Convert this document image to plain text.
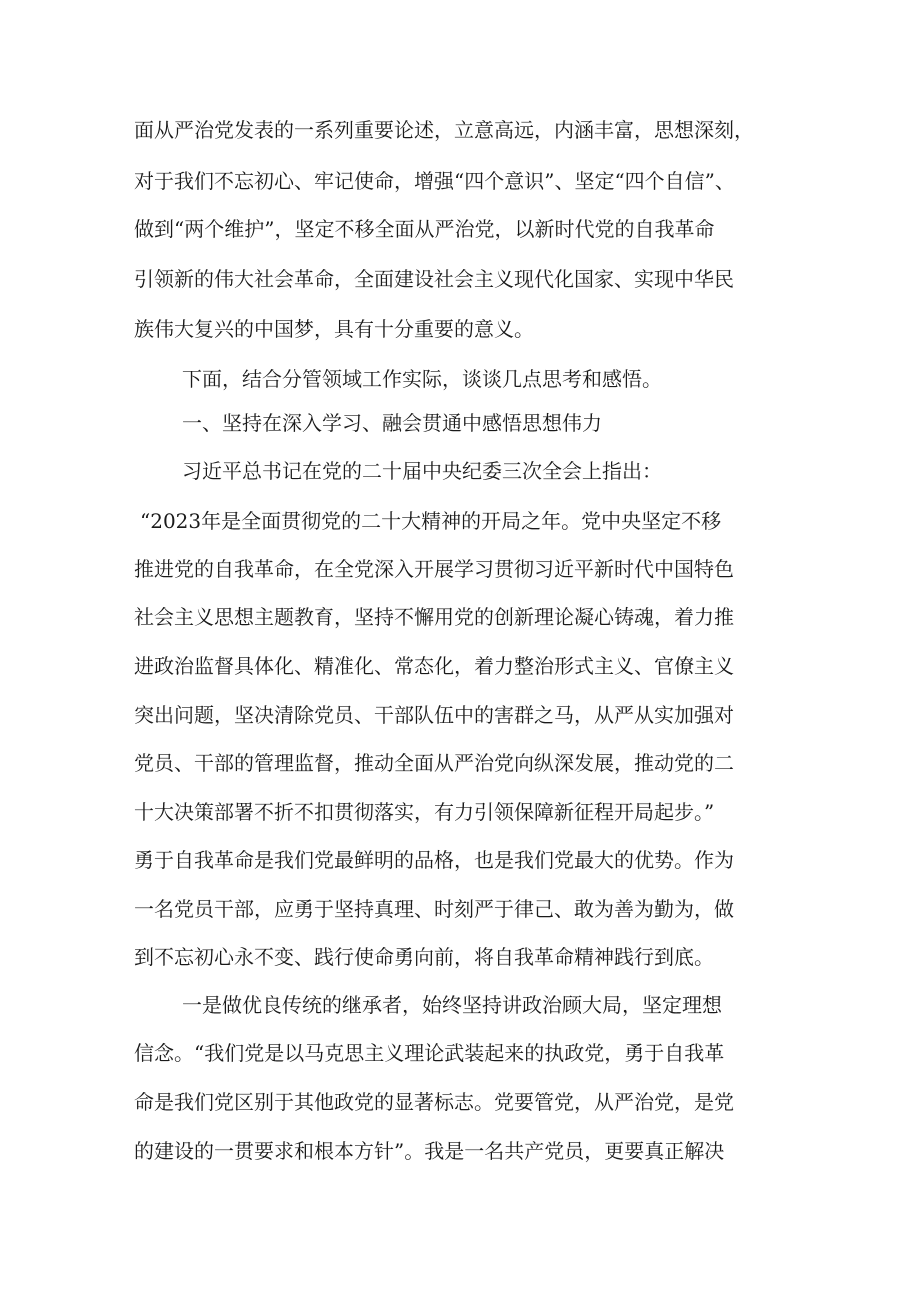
面从严治党发表的一系列重要论述，立意高远，内涵丰富，思想深刻，
对于我们不忘初心、牢记使命，增强“四个意识”、坚定“四个自信”、
做到“两个维护”，坚定不移全面从严治党，以新时代党的自我革命
引领新的伟大社会革命，全面建设社会主义现代化国家、实现中华民
族伟大复兴的中国梦，具有十分重要的意义。
下面，结合分管领域工作实际，谈谈几点思考和感悟。
一、坚持在深入学习、融会贯通中感悟思想伟力
习近平总书记在党的二十届中央纪委三次全会上指出：
“2023年是全面贯彻党的二十大精神的开局之年。党中央坚定不移
推进党的自我革命，在全党深入开展学习贯彻习近平新时代中国特色
社会主义思想主题教育，坚持不懈用党的创新理论凝心铸魂，着力推
进政治监督具体化、精准化、常态化，着力整治形式主义、官僚主义
突出问题，坚决清除党员、干部队伍中的害群之马，从严从实加强对
党员、干部的管理监督，推动全面从严治党向纵深发展，推动党的二
十大决策部署不折不扣贯彻落实，有力引领保障新征程开局起步。”
勇于自我革命是我们党最鲜明的品格，也是我们党最大的优势。作为
一名党员干部，应勇于坚持真理、时刻严于律己、敢为善为勤为，做
到不忘初心永不变、践行使命勇向前，将自我革命精神践行到底。
一是做优良传统的继承者，始终坚持讲政治顾大局，坚定理想
信念。“我们党是以马克思主义理论武装起来的执政党，勇于自我革
命是我们党区别于其他政党的显著标志。党要管党，从严治党，是党
的建设的一贯要求和根本方针”。我是一名共产党员，更要真正解决
